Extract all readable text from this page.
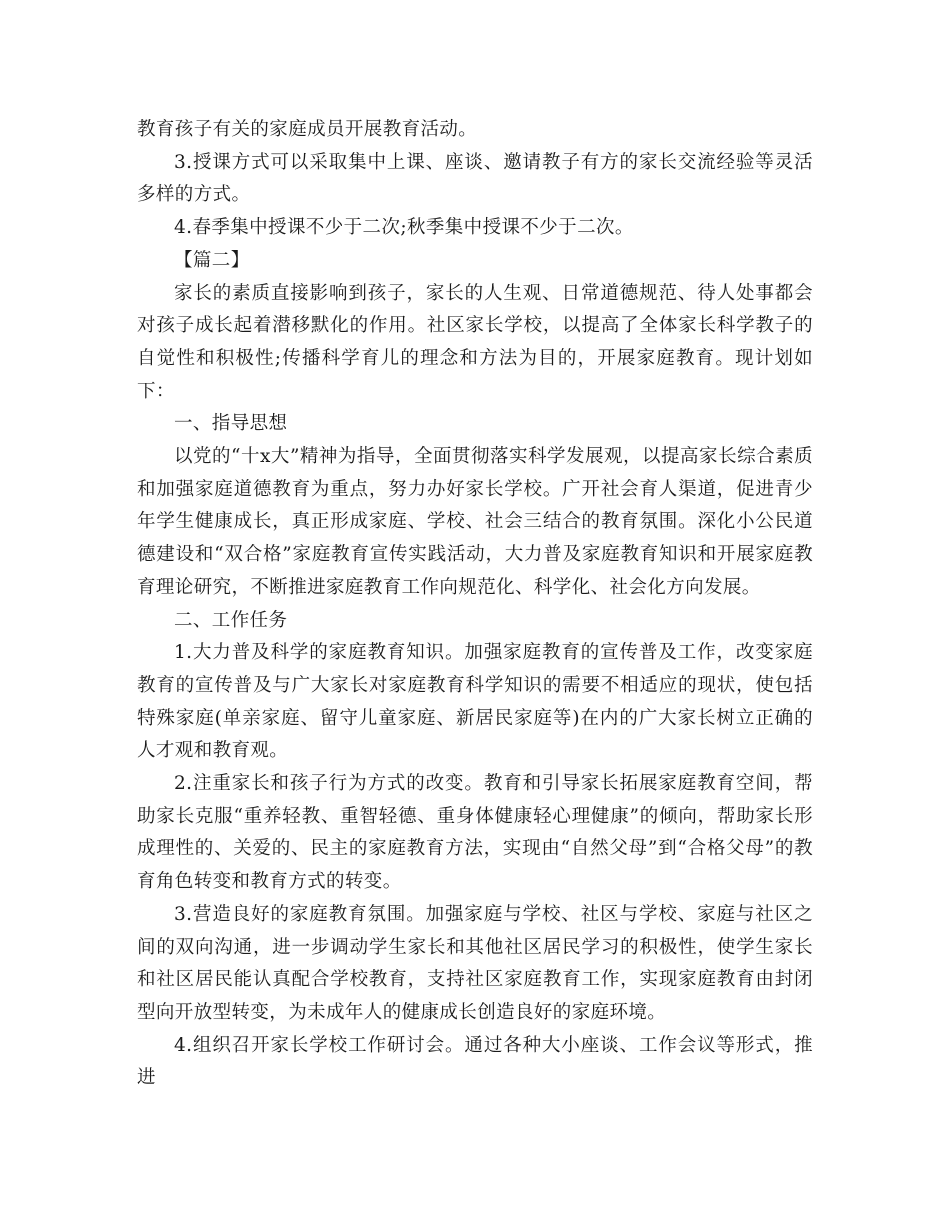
教育孩子有关的家庭成员开展教育活动。

3.授课方式可以采取集中上课、座谈、邀请教子有方的家长交流经验等灵活多样的方式。

4.春季集中授课不少于二次;秋季集中授课不少于二次。

【篇二】

家长的素质直接影响到孩子，家长的人生观、日常道德规范、待人处事都会对孩子成长起着潜移默化的作用。社区家长学校，以提高了全体家长科学教子的自觉性和积极性;传播科学育儿的理念和方法为目的，开展家庭教育。现计划如下：

一、指导思想

以党的“十x大”精神为指导，全面贯彻落实科学发展观，以提高家长综合素质和加强家庭道德教育为重点，努力办好家长学校。广开社会育人渠道，促进青少年学生健康成长，真正形成家庭、学校、社会三结合的教育氛围。深化小公民道德建设和“双合格”家庭教育宣传实践活动，大力普及家庭教育知识和开展家庭教育理论研究，不断推进家庭教育工作向规范化、科学化、社会化方向发展。

二、工作任务

1.大力普及科学的家庭教育知识。加强家庭教育的宣传普及工作，改变家庭教育的宣传普及与广大家长对家庭教育科学知识的需要不相适应的现状，使包括特殊家庭(单亲家庭、留守儿童家庭、新居民家庭等)在内的广大家长树立正确的人才观和教育观。

2.注重家长和孩子行为方式的改变。教育和引导家长拓展家庭教育空间，帮助家长克服“重养轻教、重智轻德、重身体健康轻心理健康”的倾向，帮助家长形成理性的、关爱的、民主的家庭教育方法，实现由“自然父母”到“合格父母”的教育角色转变和教育方式的转变。

3.营造良好的家庭教育氛围。加强家庭与学校、社区与学校、家庭与社区之间的双向沟通，进一步调动学生家长和其他社区居民学习的积极性，使学生家长和社区居民能认真配合学校教育，支持社区家庭教育工作，实现家庭教育由封闭型向开放型转变，为未成年人的健康成长创造良好的家庭环境。

4.组织召开家长学校工作研讨会。通过各种大小座谈、工作会议等形式，推进
